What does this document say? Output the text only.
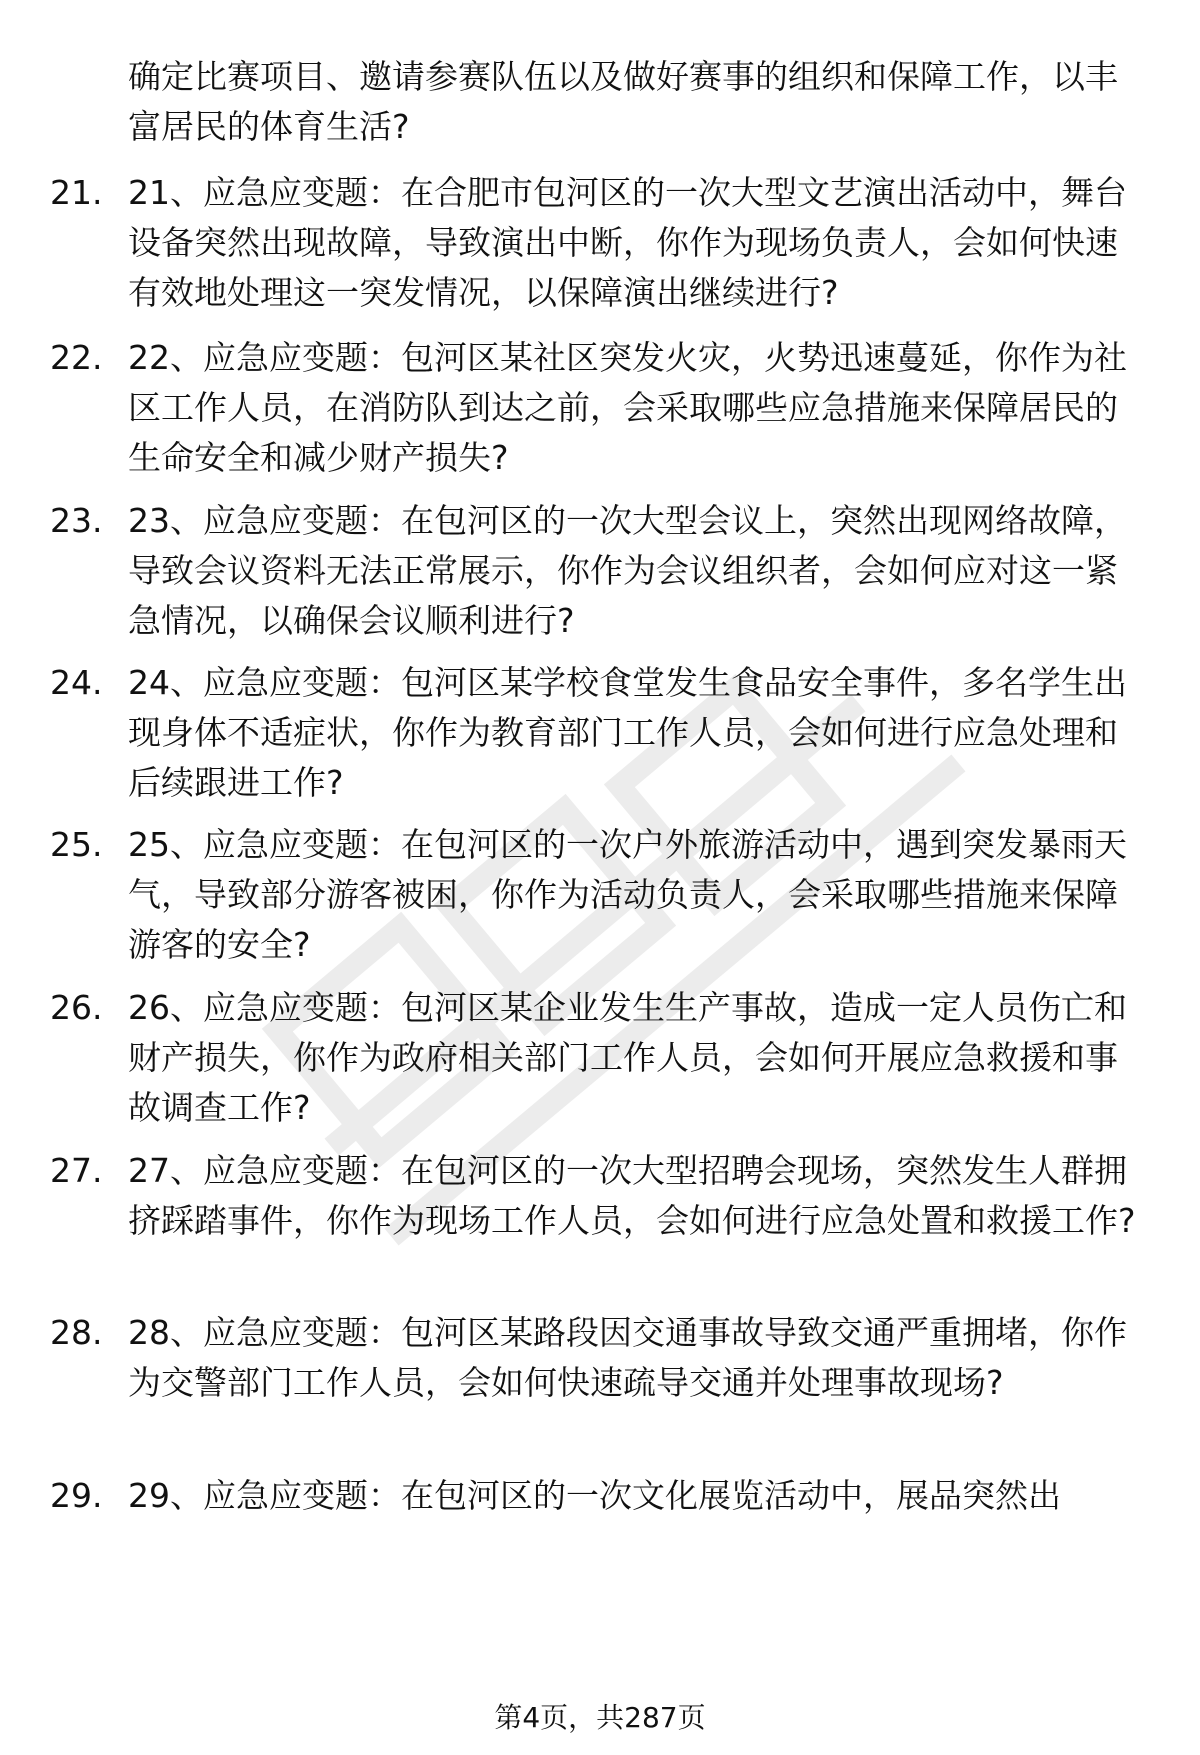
确定比赛项目、邀请参赛队伍以及做好赛事的组织和保障工作，以丰富居民的体育生活?
21. 21、应急应变题：在合肥市包河区的一次大型文艺演出活动中，舞台设备突然出现故障，导致演出中断，你作为现场负责人，会如何快速有效地处理这一突发情况，以保障演出继续进行?
22. 22、应急应变题：包河区某社区突发火灾，火势迅速蔓延，你作为社区工作人员，在消防队到达之前，会采取哪些应急措施来保障居民的生命安全和减少财产损失?
23. 23、应急应变题：在包河区的一次大型会议上，突然出现网络故障，导致会议资料无法正常展示，你作为会议组织者，会如何应对这一紧急情况，以确保会议顺利进行?
24. 24、应急应变题：包河区某学校食堂发生食品安全事件，多名学生出现身体不适症状，你作为教育部门工作人员，会如何进行应急处理和后续跟进工作?
25. 25、应急应变题：在包河区的一次户外旅游活动中，遇到突发暴雨天气，导致部分游客被困，你作为活动负责人，会采取哪些措施来保障游客的安全?
26. 26、应急应变题：包河区某企业发生生产事故，造成一定人员伤亡和财产损失，你作为政府相关部门工作人员，会如何开展应急救援和事故调查工作?
27. 27、应急应变题：在包河区的一次大型招聘会现场，突然发生人群拥挤踩踏事件，你作为现场工作人员，会如何进行应急处置和救援工作?
28. 28、应急应变题：包河区某路段因交通事故导致交通严重拥堵，你作为交警部门工作人员，会如何快速疏导交通并处理事故现场?
29. 29、应急应变题：在包河区的一次文化展览活动中，展品突然出
第4页，共287页
